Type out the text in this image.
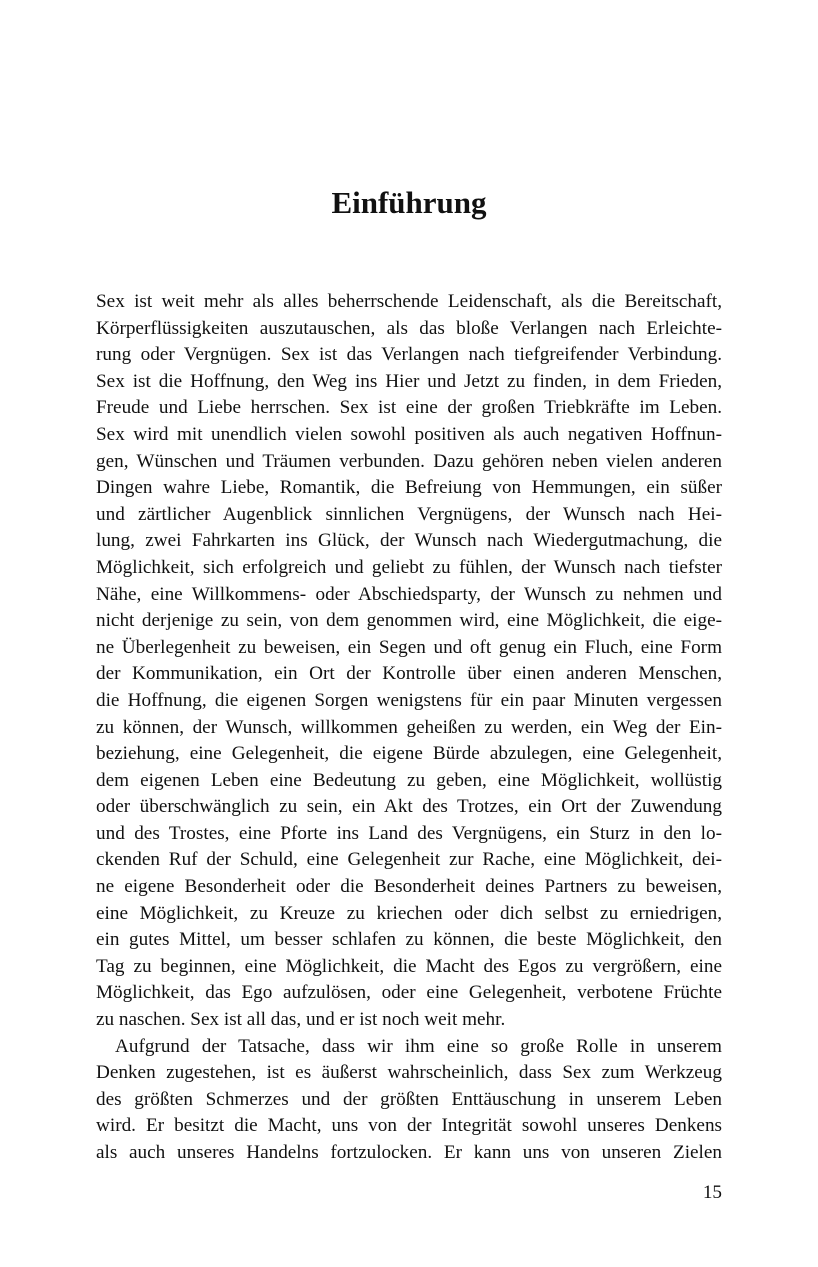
Einführung
Sex ist weit mehr als alles beherrschende Leidenschaft, als die Bereitschaft,
Körperflüssigkeiten auszutauschen, als das bloße Verlangen nach Erleichte-
rung oder Vergnügen. Sex ist das Verlangen nach tiefgreifender Verbindung.
Sex ist die Hoffnung, den Weg ins Hier und Jetzt zu finden, in dem Frieden,
Freude und Liebe herrschen. Sex ist eine der großen Triebkräfte im Leben.
Sex wird mit unendlich vielen sowohl positiven als auch negativen Hoffnun-
gen, Wünschen und Träumen verbunden. Dazu gehören neben vielen anderen
Dingen wahre Liebe, Romantik, die Befreiung von Hemmungen, ein süßer
und zärtlicher Augenblick sinnlichen Vergnügens, der Wunsch nach Hei-
lung, zwei Fahrkarten ins Glück, der Wunsch nach Wiedergutmachung, die
Möglichkeit, sich erfolgreich und geliebt zu fühlen, der Wunsch nach tiefster
Nähe, eine Willkommens- oder Abschiedsparty, der Wunsch zu nehmen und
nicht derjenige zu sein, von dem genommen wird, eine Möglichkeit, die eige-
ne Überlegenheit zu beweisen, ein Segen und oft genug ein Fluch, eine Form
der Kommunikation, ein Ort der Kontrolle über einen anderen Menschen,
die Hoffnung, die eigenen Sorgen wenigstens für ein paar Minuten vergessen
zu können, der Wunsch, willkommen geheißen zu werden, ein Weg der Ein-
beziehung, eine Gelegenheit, die eigene Bürde abzulegen, eine Gelegenheit,
dem eigenen Leben eine Bedeutung zu geben, eine Möglichkeit, wollüstig
oder überschwänglich zu sein, ein Akt des Trotzes, ein Ort der Zuwendung
und des Trostes, eine Pforte ins Land des Vergnügens, ein Sturz in den lo-
ckenden Ruf der Schuld, eine Gelegenheit zur Rache, eine Möglichkeit, dei-
ne eigene Besonderheit oder die Besonderheit deines Partners zu beweisen,
eine Möglichkeit, zu Kreuze zu kriechen oder dich selbst zu erniedrigen,
ein gutes Mittel, um besser schlafen zu können, die beste Möglichkeit, den
Tag zu beginnen, eine Möglichkeit, die Macht des Egos zu vergrößern, eine
Möglichkeit, das Ego aufzulösen, oder eine Gelegenheit, verbotene Früchte
zu naschen. Sex ist all das, und er ist noch weit mehr.
Aufgrund der Tatsache, dass wir ihm eine so große Rolle in unserem
Denken zugestehen, ist es äußerst wahrscheinlich, dass Sex zum Werkzeug
des größten Schmerzes und der größten Enttäuschung in unserem Leben
wird. Er besitzt die Macht, uns von der Integrität sowohl unseres Denkens
als auch unseres Handelns fortzulocken. Er kann uns von unseren Zielen
15
